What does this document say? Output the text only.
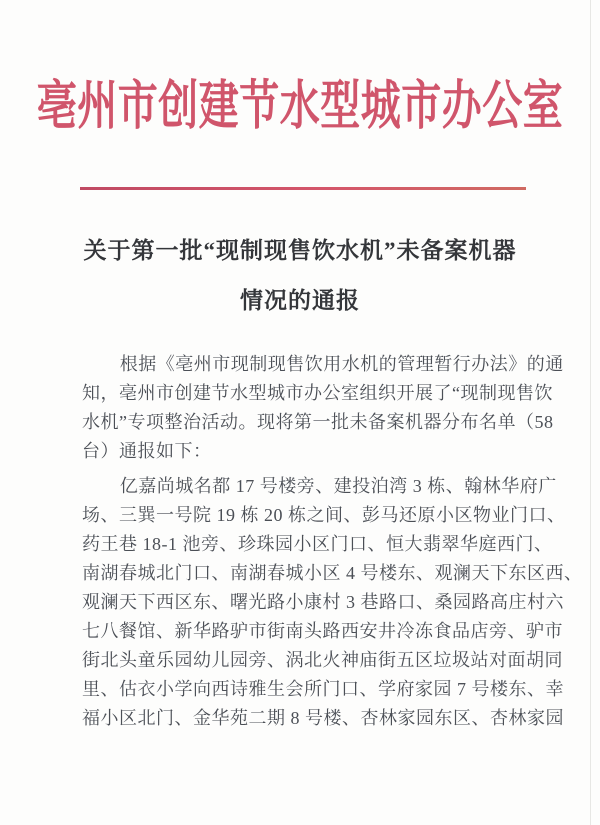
亳州市创建节水型城市办公室
关于第一批“现制现售饮水机”未备案机器
情况的通报
根据《亳州市现制现售饮用水机的管理暂行办法》的通
知，亳州市创建节水型城市办公室组织开展了“现制现售饮
水机”专项整治活动。现将第一批未备案机器分布名单（58
台）通报如下：
亿嘉尚城名都 17 号楼旁、建投泊湾 3 栋、翰林华府广
场、三巽一号院 19 栋 20 栋之间、彭马还原小区物业门口、
药王巷 18-1 池旁、珍珠园小区门口、恒大翡翠华庭西门、
南湖春城北门口、南湖春城小区 4 号楼东、观澜天下东区西、
观澜天下西区东、曙光路小康村 3 巷路口、桑园路高庄村六
七八餐馆、新华路驴市街南头路西安井冷冻食品店旁、驴市
街北头童乐园幼儿园旁、涡北火神庙街五区垃圾站对面胡同
里、估衣小学向西诗雅生会所门口、学府家园 7 号楼东、幸
福小区北门、金华苑二期 8 号楼、杏林家园东区、杏林家园
